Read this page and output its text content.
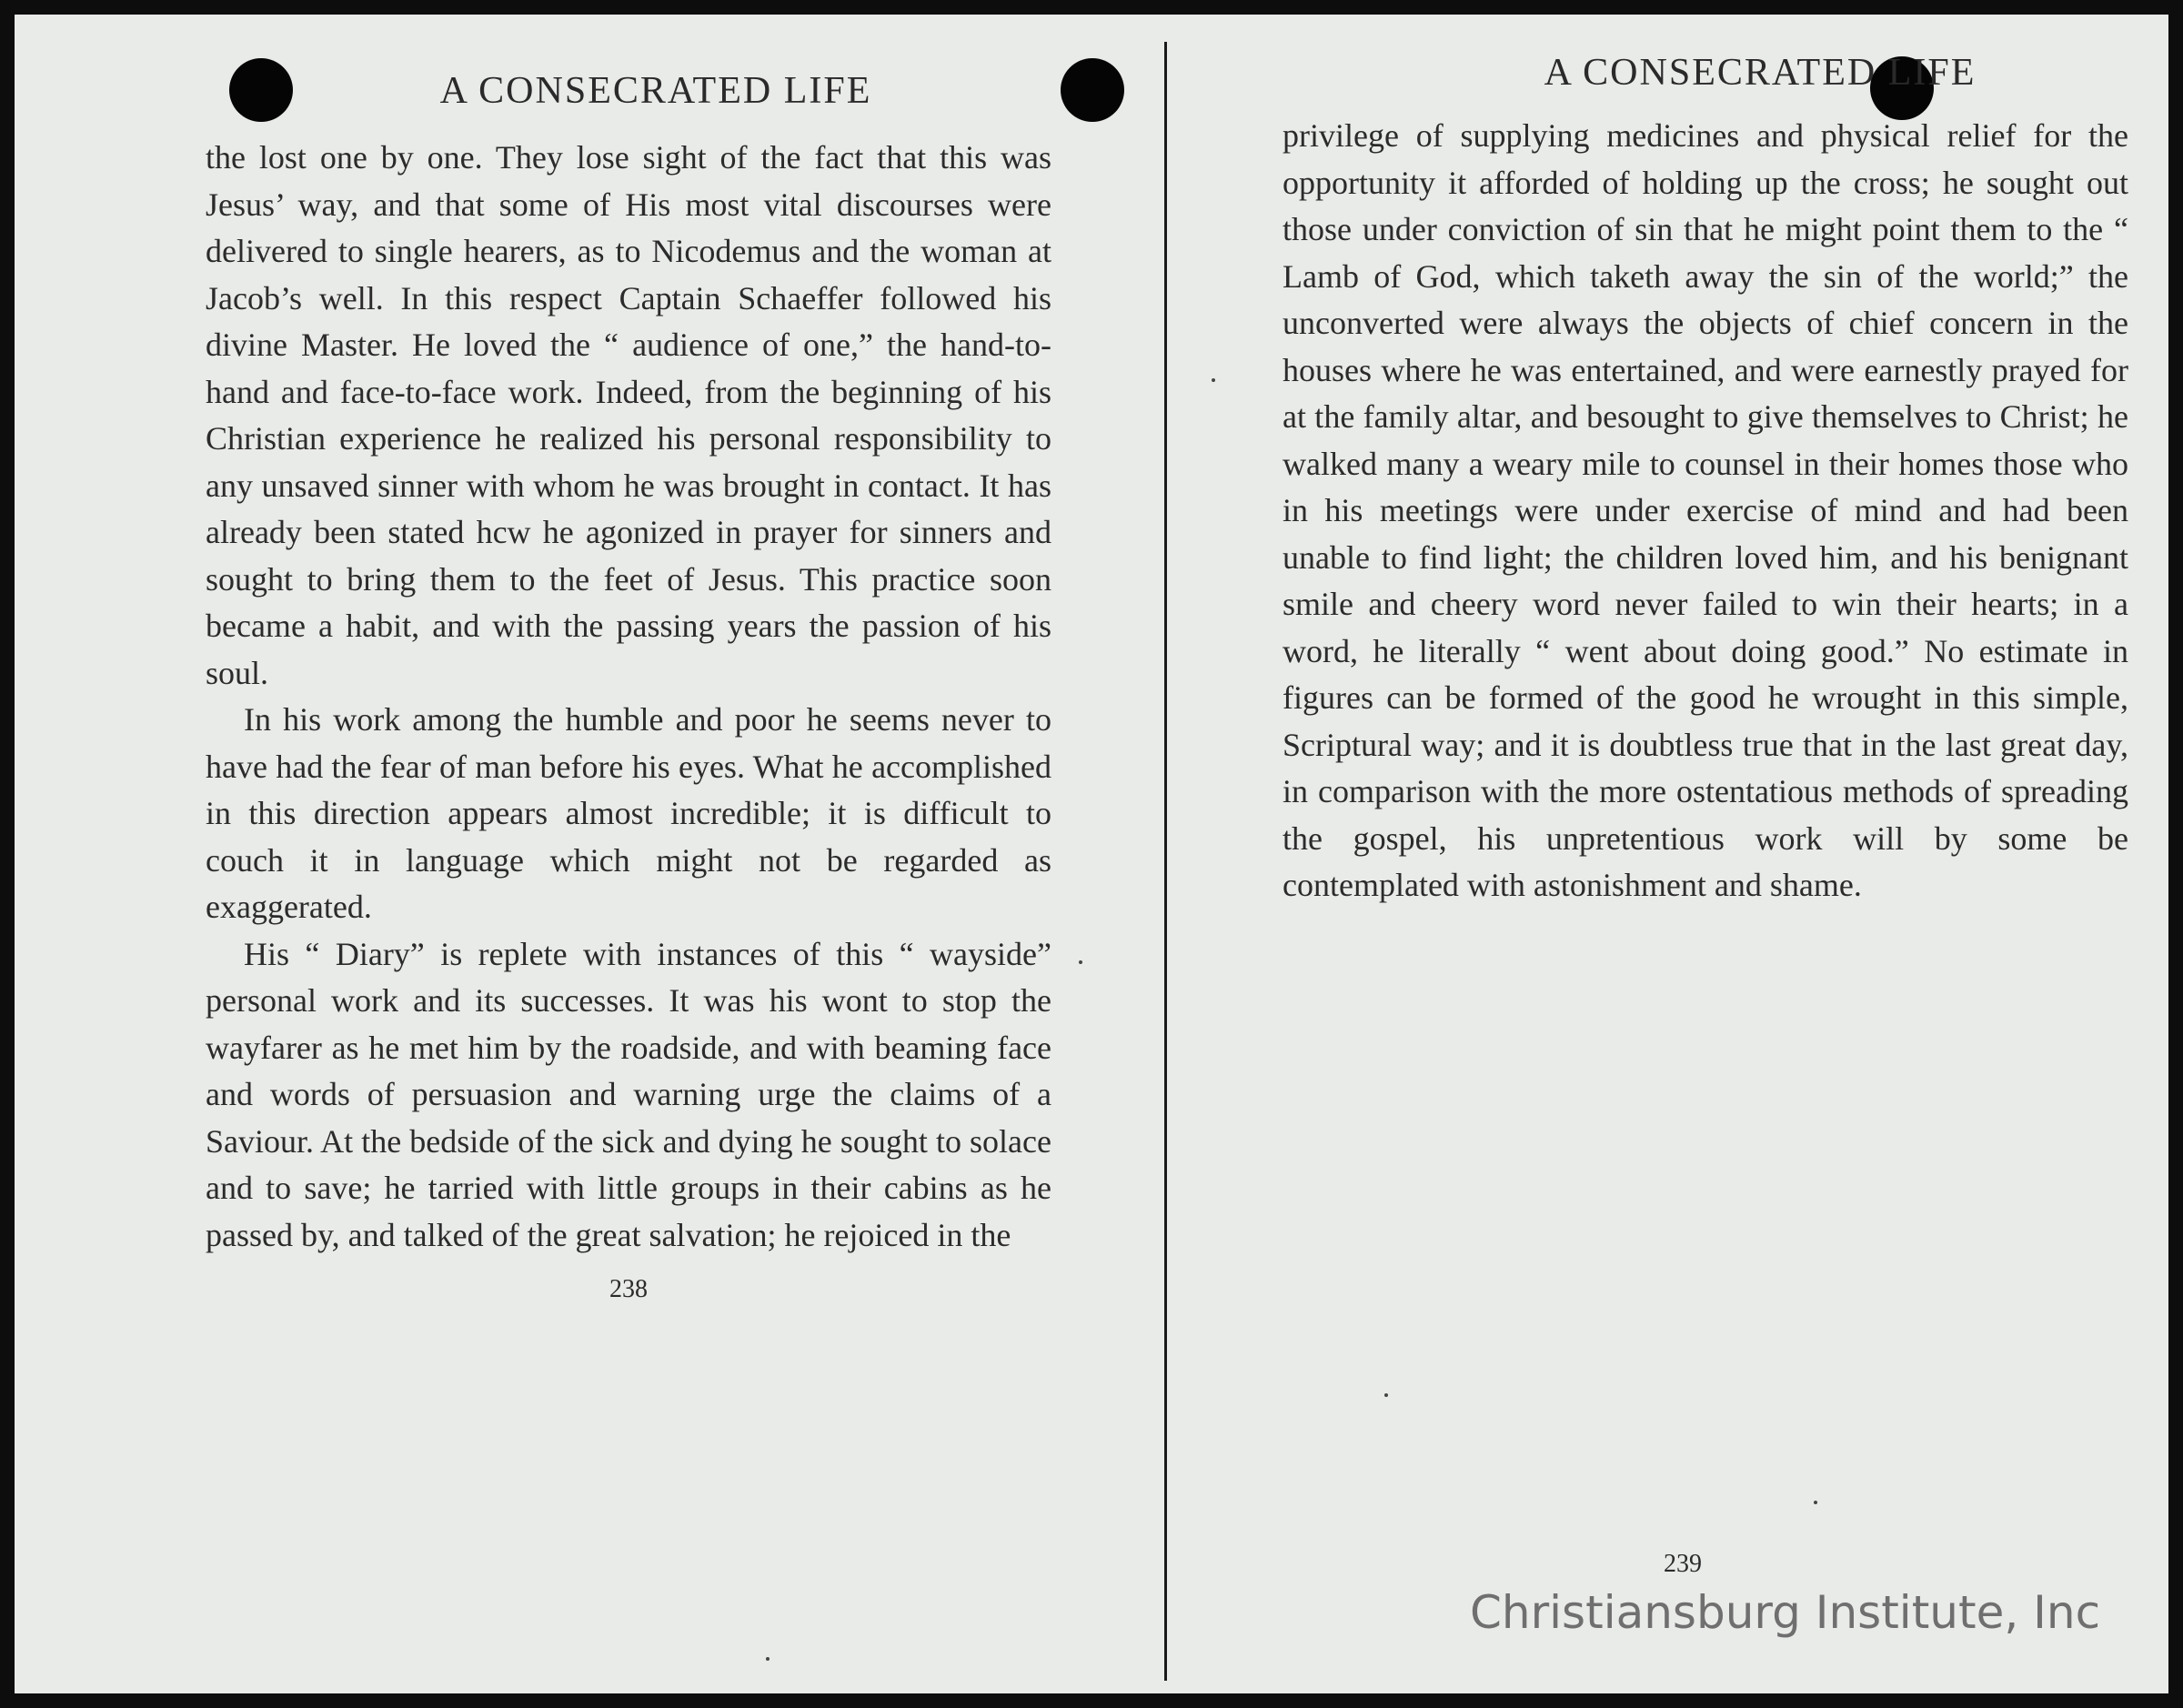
A CONSECRATED LIFE

the lost one by one. They lose sight of the fact that this was Jesus’ way, and that some of His most vital discourses were delivered to single hearers, as to Nicodemus and the woman at Jacob’s well. In this respect Captain Schaeffer followed his divine Master. He loved the “ audience of one,” the hand-to-hand and face-to-face work. Indeed, from the beginning of his Christian experience he realized his personal responsibility to any unsaved sinner with whom he was brought in contact. It has already been stated hcw he agonized in prayer for sinners and sought to bring them to the feet of Jesus. This practice soon became a habit, and with the passing years the passion of his soul.

In his work among the humble and poor he seems never to have had the fear of man before his eyes. What he accomplished in this direction appears almost incredible; it is difficult to couch it in language which might not be regarded as exaggerated.

His “ Diary” is replete with instances of this “ wayside” personal work and its successes. It was his wont to stop the wayfarer as he met him by the roadside, and with beaming face and words of persuasion and warning urge the claims of a Saviour. At the bedside of the sick and dying he sought to solace and to save; he tarried with little groups in their cabins as he passed by, and talked of the great salvation; he rejoiced in the

238
A CONSECRATED LIFE

privilege of supplying medicines and physical relief for the opportunity it afforded of holding up the cross; he sought out those under conviction of sin that he might point them to the “ Lamb of God, which taketh away the sin of the world;” the unconverted were always the objects of chief concern in the houses where he was entertained, and were earnestly prayed for at the family altar, and besought to give themselves to Christ; he walked many a weary mile to counsel in their homes those who in his meetings were under exercise of mind and had been unable to find light; the children loved him, and his benignant smile and cheery word never failed to win their hearts; in a word, he literally “ went about doing good.” No estimate in figures can be formed of the good he wrought in this simple, Scriptural way; and it is doubtless true that in the last great day, in comparison with the more ostentatious methods of spreading the gospel, his unpretentious work will by some be contemplated with astonishment and shame.

239
Christiansburg Institute, Inc
